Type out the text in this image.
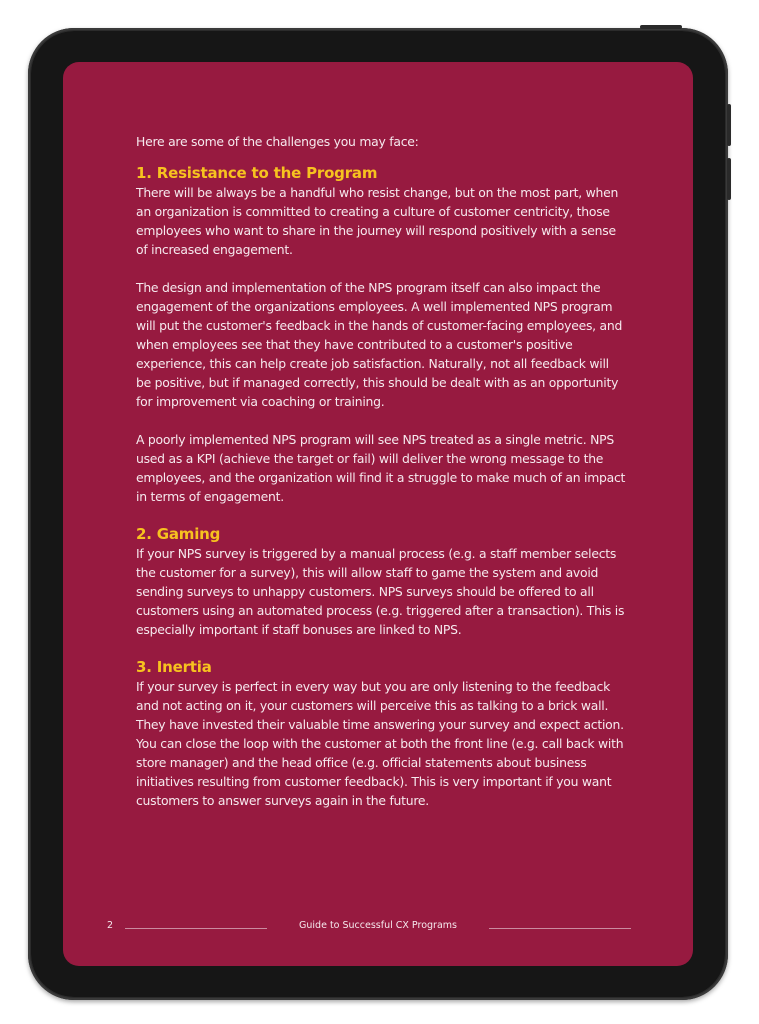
Here are some of the challenges you may face:

1. Resistance to the Program

There will be always be a handful who resist change, but on the most part, when an organization is committed to creating a culture of customer centricity, those employees who want to share in the journey will respond positively with a sense of increased engagement.

The design and implementation of the NPS program itself can also impact the engagement of the organizations employees. A well implemented NPS program will put the customer's feedback in the hands of customer-facing employees, and when employees see that they have contributed to a customer's positive experience, this can help create job satisfaction. Naturally, not all feedback will be positive, but if managed correctly, this should be dealt with as an opportunity for improvement via coaching or training.

A poorly implemented NPS program will see NPS treated as a single metric. NPS used as a KPI (achieve the target or fail) will deliver the wrong message to the employees, and the organization will find it a struggle to make much of an impact in terms of engagement.

2. Gaming

If your NPS survey is triggered by a manual process (e.g. a staff member selects the customer for a survey), this will allow staff to game the system and avoid sending surveys to unhappy customers. NPS surveys should be offered to all customers using an automated process (e.g. triggered after a transaction). This is especially important if staff bonuses are linked to NPS.

3. Inertia

If your survey is perfect in every way but you are only listening to the feedback and not acting on it, your customers will perceive this as talking to a brick wall. They have invested their valuable time answering your survey and expect action. You can close the loop with the customer at both the front line (e.g. call back with store manager) and the head office (e.g. official statements about business initiatives resulting from customer feedback). This is very important if you want customers to answer surveys again in the future.

2	Guide to Successful CX Programs
